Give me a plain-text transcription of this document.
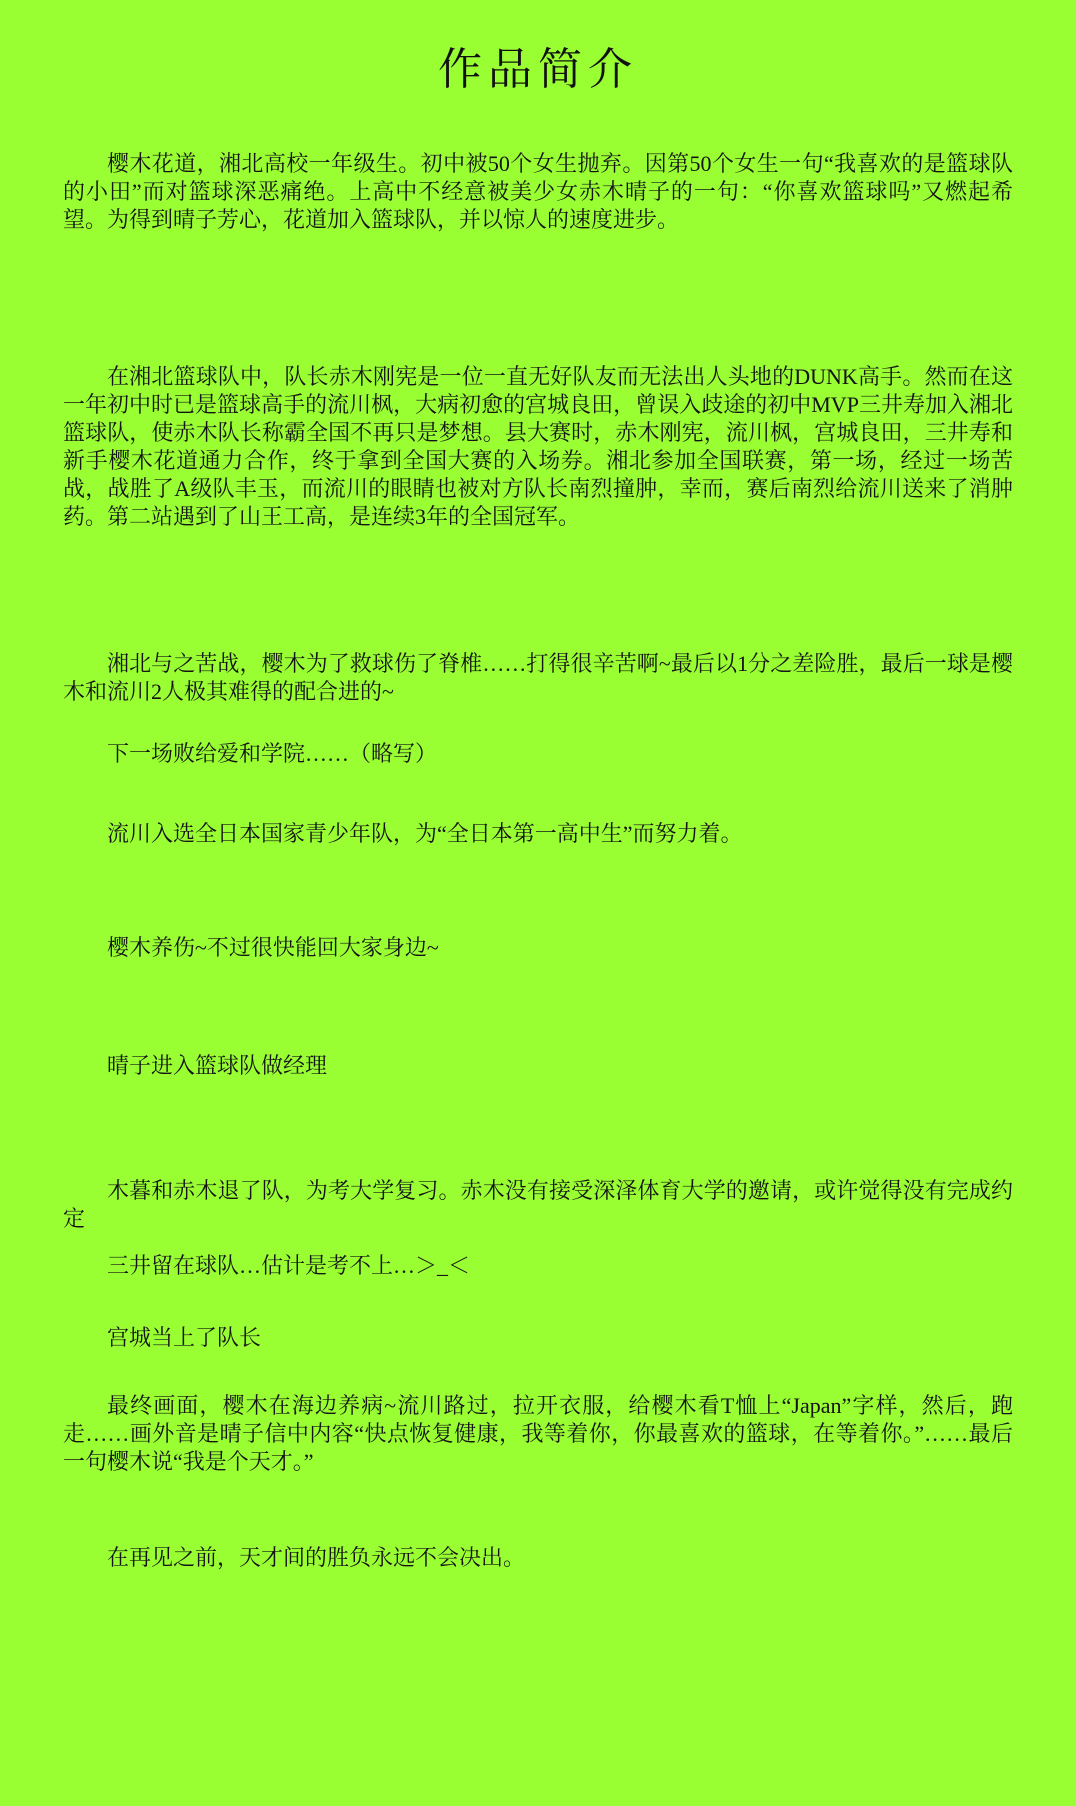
作品简介

樱木花道，湘北高校一年级生。初中被50个女生抛弃。因第50个女生一句“我喜欢的是篮球队的小田”而对篮球深恶痛绝。上高中不经意被美少女赤木晴子的一句：“你喜欢篮球吗”又燃起希望。为得到晴子芳心，花道加入篮球队，并以惊人的速度进步。

在湘北篮球队中，队长赤木刚宪是一位一直无好队友而无法出人头地的DUNK高手。然而在这一年初中时已是篮球高手的流川枫，大病初愈的宫城良田，曾误入歧途的初中MVP三井寿加入湘北篮球队，使赤木队长称霸全国不再只是梦想。县大赛时，赤木刚宪，流川枫，宫城良田，三井寿和新手樱木花道通力合作，终于拿到全国大赛的入场券。湘北参加全国联赛，第一场，经过一场苦战，战胜了A级队丰玉，而流川的眼睛也被对方队长南烈撞肿，幸而，赛后南烈给流川送来了消肿药。第二站遇到了山王工高，是连续3年的全国冠军。

湘北与之苦战，樱木为了救球伤了脊椎……打得很辛苦啊~最后以1分之差险胜，最后一球是樱木和流川2人极其难得的配合进的~

下一场败给爱和学院……（略写）

流川入选全日本国家青少年队，为“全日本第一高中生”而努力着。

樱木养伤~不过很快能回大家身边~

晴子进入篮球队做经理

木暮和赤木退了队，为考大学复习。赤木没有接受深泽体育大学的邀请，或许觉得没有完成约定

三井留在球队…估计是考不上…＞_＜

宫城当上了队长

最终画面，樱木在海边养病~流川路过，拉开衣服，给樱木看T恤上“Japan”字样，然后，跑走……画外音是晴子信中内容“快点恢复健康，我等着你，你最喜欢的篮球，在等着你。”……最后一句樱木说“我是个天才。”

在再见之前，天才间的胜负永远不会决出。
